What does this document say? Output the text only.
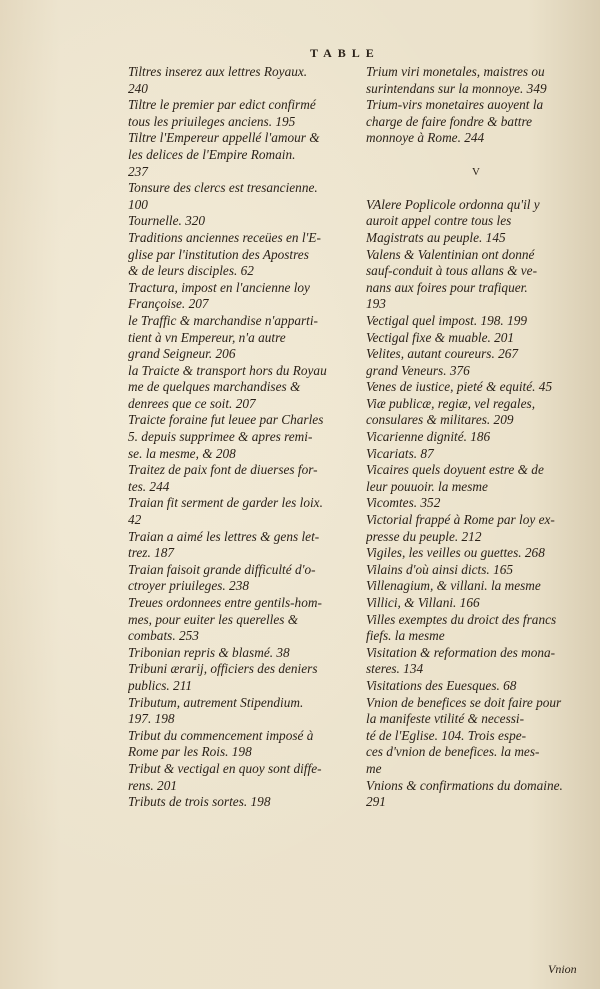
TABLE
Tiltres inserez aux lettres Royaux.
240
Tiltre le premier par edict confirmé
tous les priuileges anciens. 195
Tiltre l'Empereur appellé l'amour &
les delices de l'Empire Romain.
237
Tonsure des clercs est tresancienne.
100
Tournelle. 320
Traditions anciennes receües en l'E-
glise par l'institution des Apostres
& de leurs disciples. 62
Tractura, impost en l'ancienne loy
Françoise. 207
le Traffic & marchandise n'apparti-
tient à vn Empereur, n'a autre
grand Seigneur. 206
la Traicte & transport hors du Royau
me de quelques marchandises &
denrees que ce soit. 207
Traicte foraine fut leuee par Charles
5. depuis supprimee & apres remi-
se. la mesme, & 208
Traitez de paix font de diuerses for-
tes. 244
Traian fit serment de garder les loix.
42
Traian a aimé les lettres & gens let-
trez. 187
Traian faisoit grande difficulté d'o-
ctroyer priuileges. 238
Treues ordonnees entre gentils-hom-
mes, pour euiter les querelles &
combats. 253
Tribonian repris & blasmé. 38
Tribuni ærarij, officiers des deniers
publics. 211
Tributum, autrement Stipendium.
197. 198
Tribut du commencement imposé à
Rome par les Rois. 198
Tribut & vectigal en quoy sont diffe-
rens. 201
Tributs de trois sortes. 198
Trium viri monetales, maistres ou
surintendans sur la monnoye. 349
Trium-virs monetaires auoyent la
charge de faire fondre & battre
monnoye à Rome. 244

V

VAlere Poplicole ordonna qu'il y
auroit appel contre tous les
Magistrats au peuple. 145
Valens & Valentinian ont donné
sauf-conduit à tous allans & ve-
nans aux foires pour trafiquer.
193
Vectigal quel impost. 198. 199
Vectigal fixe & muable. 201
Velites, autant coureurs. 267
grand Veneurs. 376
Venes de iustice, pieté & equité. 45
Viæ publicæ, regiæ, vel regales,
consulares & militares. 209
Vicarienne dignité. 186
Vicariats. 87
Vicaires quels doyuent estre & de
leur pouuoir. la mesme
Vicomtes. 352
Victorial frappé à Rome par loy ex-
presse du peuple. 212
Vigiles, les veilles ou guettes. 268
Vilains d'où ainsi dicts. 165
Villenagium, & villani. la mesme
Villici, & Villani. 166
Villes exemptes du droict des francs
fiefs. la mesme
Visitation & reformation des mona-
steres. 134
Visitations des Euesques. 68
Vnion de benefices se doit faire pour
la manifeste vtilité & necessi-
té de l'Eglise. 104. Trois espe-
ces d'vnion de benefices. la mes-
me
Vnions & confirmations du domaine.
291
Vnion
